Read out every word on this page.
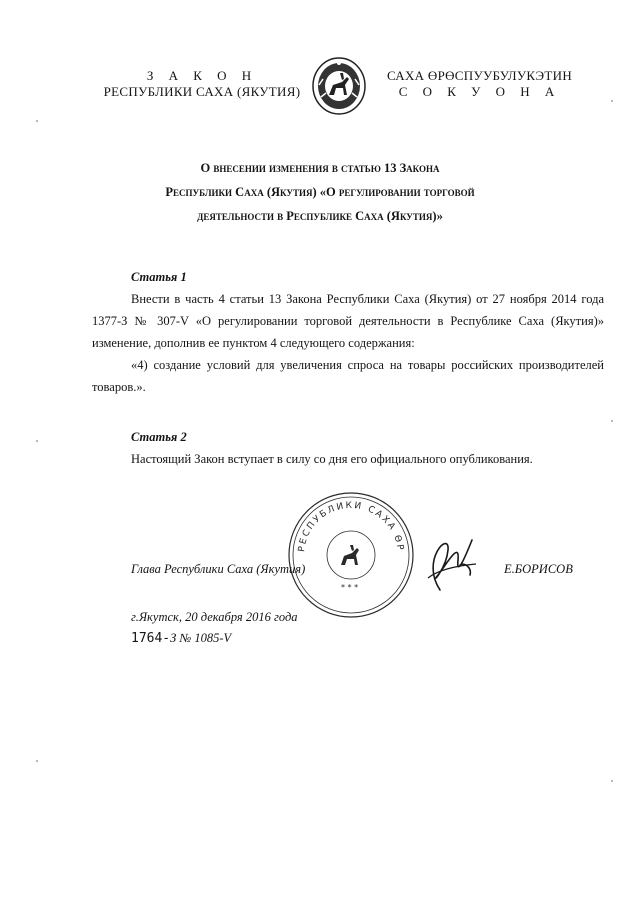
З А К О Н
РЕСПУБЛИКИ САХА (ЯКУТИЯ)
САХА ӨРӨСПУУБУЛУКЭТИН
С О К У О Н А
О внесении изменения в статью 13 Закона
Республики Саха (Якутия) «О регулировании торговой
деятельности в Республике Саха (Якутия)»
Статья 1
Внести в часть 4 статьи 13 Закона Республики Саха (Якутия) от 27 ноября 2014 года 1377-З № 307-V «О регулировании торговой деятельности в Республике Саха (Якутия)» изменение, дополнив ее пунктом 4 следующего содержания:
«4) создание условий для увеличения спроса на товары российских производителей товаров.».
Статья 2
Настоящий Закон вступает в силу со дня его официального опубликования.
РЕСПУБЛИКИ САХА ӨР
* * *
Глава Республики Саха (Якутия)	Е.БОРИСОВ
г.Якутск, 20 декабря 2016 года
1764-З № 1085-V
